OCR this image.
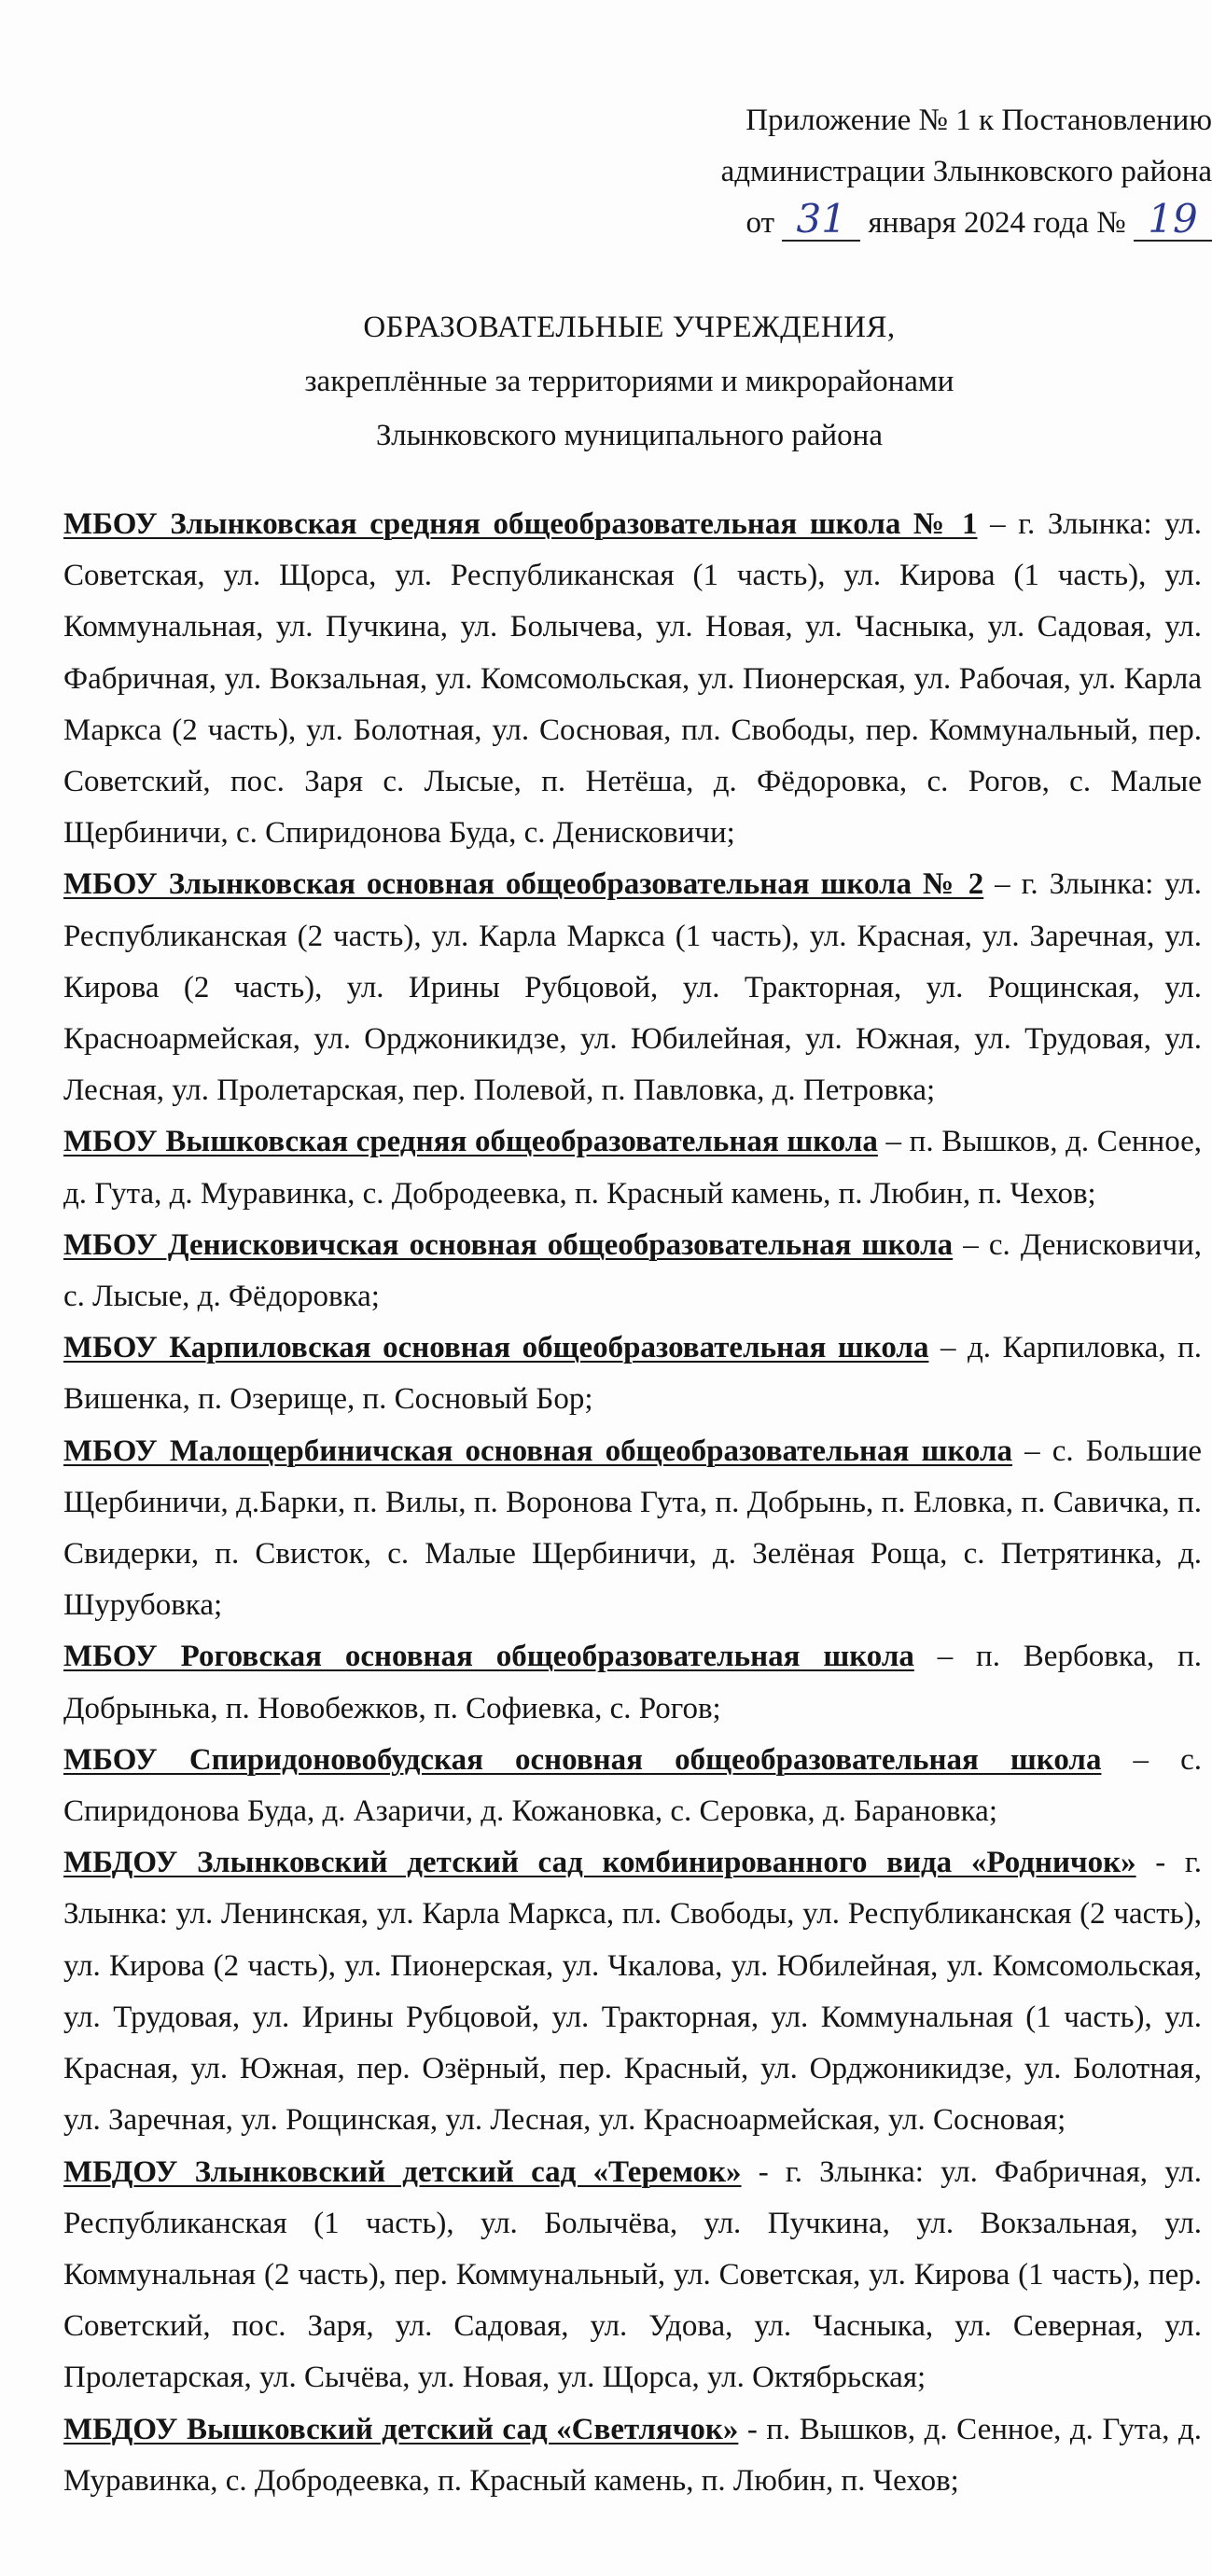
Приложение № 1 к Постановлению
администрации Злынковского района
от 31 января 2024 года № 19
ОБРАЗОВАТЕЛЬНЫЕ УЧРЕЖДЕНИЯ,
закреплённые за территориями и микрорайонами
Злынковского муниципального района

МБОУ Злынковская средняя общеобразовательная школа № 1 – г. Злынка: ул. Советская, ул. Щорса, ул. Республиканская (1 часть), ул. Кирова (1 часть), ул. Коммунальная, ул. Пучкина, ул. Болычева, ул. Новая, ул. Часныка, ул. Садовая, ул. Фабричная, ул. Вокзальная, ул. Комсомольская, ул. Пионерская, ул. Рабочая, ул. Карла Маркса (2 часть), ул. Болотная, ул. Сосновая, пл. Свободы, пер. Коммунальный, пер. Советский, пос. Заря с. Лысые, п. Нетёша, д. Фёдоровка, с. Рогов, с. Малые Щербиничи, с. Спиридонова Буда, с. Денисковичи;

МБОУ Злынковская основная общеобразовательная школа № 2 – г. Злынка: ул. Республиканская (2 часть), ул. Карла Маркса (1 часть), ул. Красная, ул. Заречная, ул. Кирова (2 часть), ул. Ирины Рубцовой, ул. Тракторная, ул. Рощинская, ул. Красноармейская, ул. Орджоникидзе, ул. Юбилейная, ул. Южная, ул. Трудовая, ул. Лесная, ул. Пролетарская, пер. Полевой, п. Павловка, д. Петровка;

МБОУ Вышковская средняя общеобразовательная школа – п. Вышков, д. Сенное, д. Гута, д. Муравинка, с. Добродеевка, п. Красный камень, п. Любин, п. Чехов;

МБОУ Денисковичская основная общеобразовательная школа – с. Денисковичи, с. Лысые, д. Фёдоровка;

МБОУ Карпиловская основная общеобразовательная школа – д. Карпиловка, п. Вишенка, п. Озерище, п. Сосновый Бор;

МБОУ Малощербиничская основная общеобразовательная школа – с. Большие Щербиничи, д.Барки, п. Вилы, п. Воронова Гута, п. Добрынь, п. Еловка, п. Савичка, п. Свидерки, п. Свисток, с. Малые Щербиничи, д. Зелёная Роща, с. Петрятинка, д. Шурубовка;

МБОУ Роговская основная общеобразовательная школа – п. Вербовка, п. Добрынька, п. Новобежков, п. Софиевка, с. Рогов;

МБОУ Спиридоновобудская основная общеобразовательная школа – с. Спиридонова Буда, д. Азаричи, д. Кожановка, с. Серовка, д. Барановка;

МБДОУ Злынковский детский сад комбинированного вида «Родничок» - г. Злынка: ул. Ленинская, ул. Карла Маркса, пл. Свободы, ул. Республиканская (2 часть), ул. Кирова (2 часть), ул. Пионерская, ул. Чкалова, ул. Юбилейная, ул. Комсомольская, ул. Трудовая, ул. Ирины Рубцовой, ул. Тракторная, ул. Коммунальная (1 часть), ул. Красная, ул. Южная, пер. Озёрный, пер. Красный, ул. Орджоникидзе, ул. Болотная, ул. Заречная, ул. Рощинская, ул. Лесная, ул. Красноармейская, ул. Сосновая;

МБДОУ Злынковский детский сад «Теремок» - г. Злынка: ул. Фабричная, ул. Республиканская (1 часть), ул. Болычёва, ул. Пучкина, ул. Вокзальная, ул. Коммунальная (2 часть), пер. Коммунальный, ул. Советская, ул. Кирова (1 часть), пер. Советский, пос. Заря, ул. Садовая, ул. Удова, ул. Часныка, ул. Северная, ул. Пролетарская, ул. Сычёва, ул. Новая, ул. Щорса, ул. Октябрьская;

МБДОУ Вышковский детский сад «Светлячок» - п. Вышков, д. Сенное, д. Гута, д. Муравинка, с. Добродеевка, п. Красный камень, п. Любин, п. Чехов;
